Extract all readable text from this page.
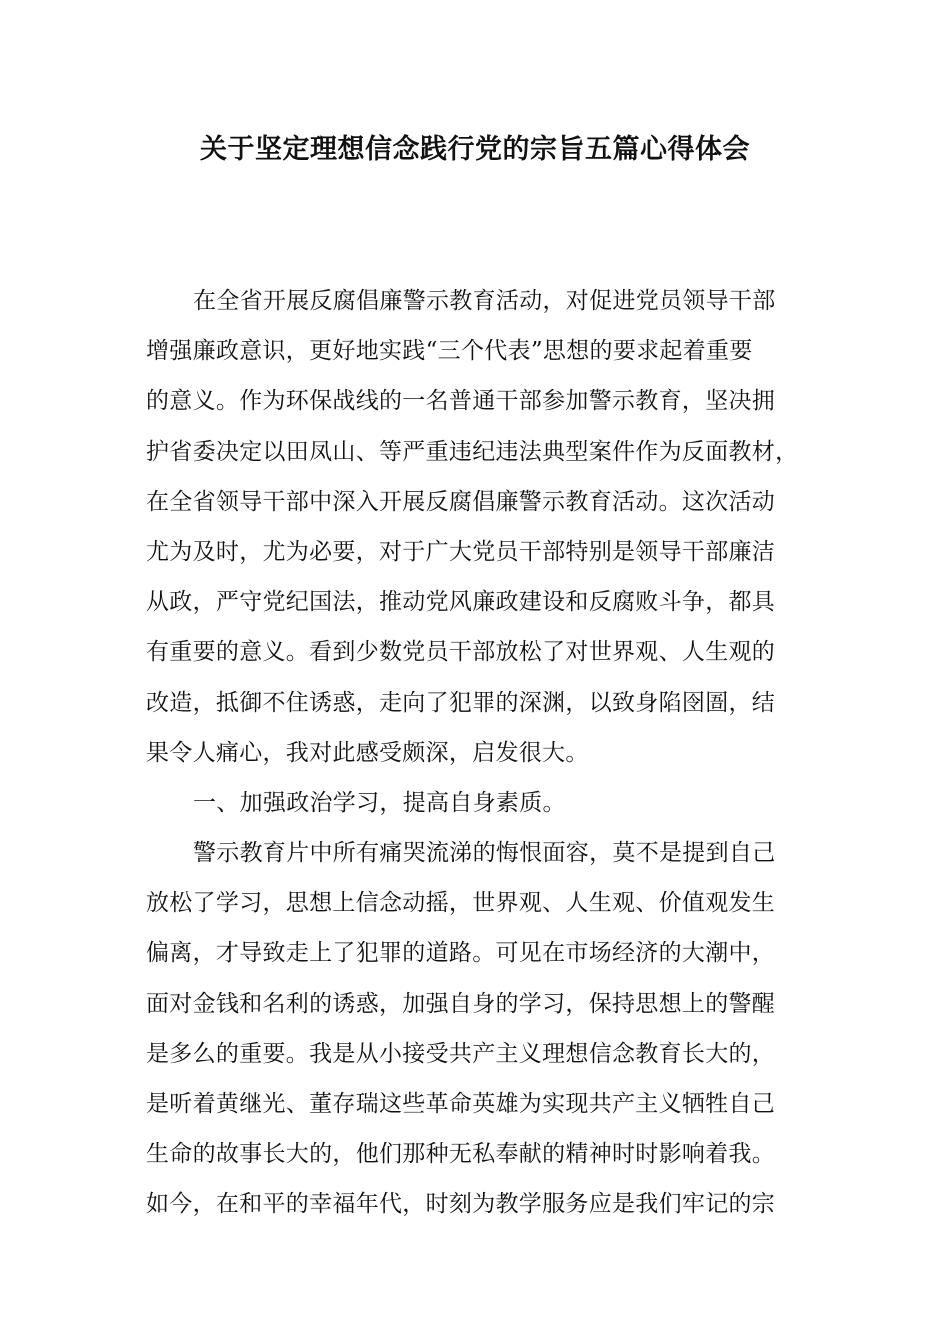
关于坚定理想信念践行党的宗旨五篇心得体会
在全省开展反腐倡廉警示教育活动，对促进党员领导干部
增强廉政意识，更好地实践“三个代表”思想的要求起着重要
的意义。作为环保战线的一名普通干部参加警示教育，坚决拥
护省委决定以田凤山、等严重违纪违法典型案件作为反面教材，
在全省领导干部中深入开展反腐倡廉警示教育活动。这次活动
尤为及时，尤为必要，对于广大党员干部特别是领导干部廉洁
从政，严守党纪国法，推动党风廉政建设和反腐败斗争，都具
有重要的意义。看到少数党员干部放松了对世界观、人生观的
改造，抵御不住诱惑，走向了犯罪的深渊，以致身陷囹圄，结
果令人痛心，我对此感受颇深，启发很大。
一、加强政治学习，提高自身素质。
警示教育片中所有痛哭流涕的悔恨面容，莫不是提到自己
放松了学习，思想上信念动摇，世界观、人生观、价值观发生
偏离，才导致走上了犯罪的道路。可见在市场经济的大潮中，
面对金钱和名利的诱惑，加强自身的学习，保持思想上的警醒
是多么的重要。我是从小接受共产主义理想信念教育长大的，
是听着黄继光、董存瑞这些革命英雄为实现共产主义牺牲自己
生命的故事长大的，他们那种无私奉献的精神时时影响着我。
如今，在和平的幸福年代，时刻为教学服务应是我们牢记的宗
